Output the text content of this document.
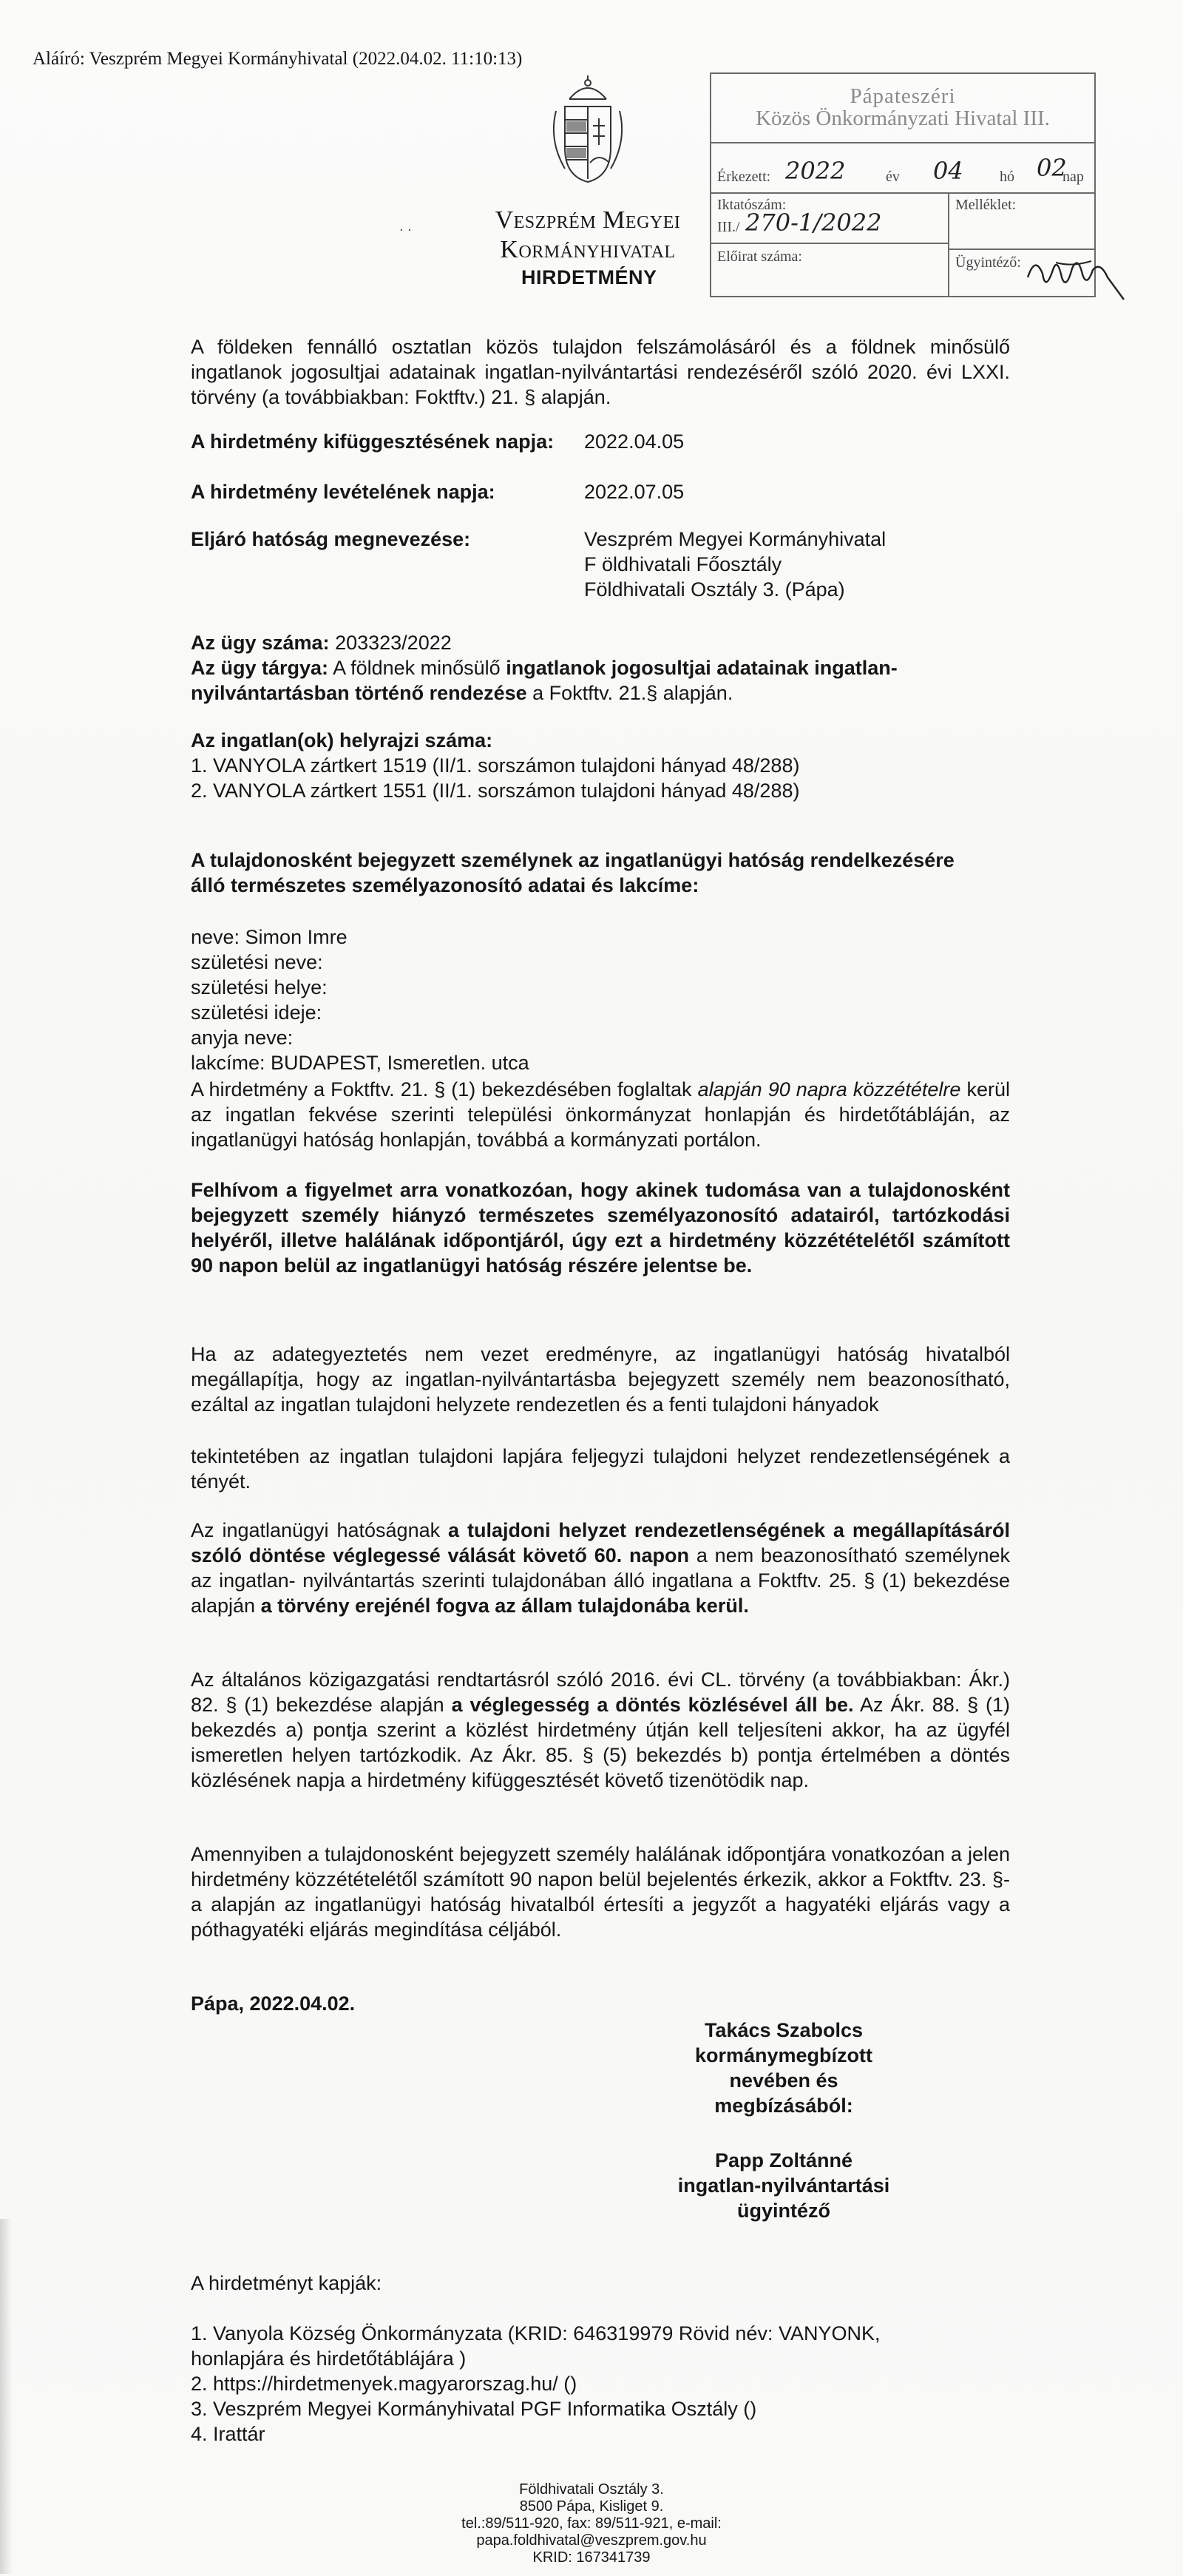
Aláíró: Veszprém Megyei Kormányhivatal (2022.04.02. 11:10:13)
. .	Veszprém Megyei
Kormányhivatal
HIRDETMÉNY
Pápateszéri
Közös Önkormányzati Hivatal III.
Érkezett: 2022	év 04 hó 02
nap
Iktatószám:
III./ 270-1/2022
Melléklet:
Előirat száma:	Ügyintéző:
A földeken fennálló osztatlan közös tulajdon felszámolásáról és a földnek minősülő ingatlanok jogosultjai adatainak ingatlan-nyilvántartási rendezéséről szóló 2020. évi LXXI. törvény (a továbbiakban: Foktftv.) 21. § alapján.
A hirdetmény kifüggesztésének napja: 2022.04.05
A hirdetmény levételének napja:	2022.07.05
Eljáró hatóság megnevezése:	Veszprém Megyei Kormányhivatal
F öldhivatali Főosztály
Földhivatali Osztály 3. (Pápa)
Az ügy száma: 203323/2022
Az ügy tárgya: A földnek minősülő ingatlanok jogosultjai adatainak ingatlan-
nyilvántartásban történő rendezése a Foktftv. 21.§ alapján.
Az ingatlan(ok) helyrajzi száma:
1. VANYOLA zártkert 1519 (II/1. sorszámon tulajdoni hányad 48/288)
2. VANYOLA zártkert 1551 (II/1. sorszámon tulajdoni hányad 48/288)
A tulajdonosként bejegyzett személynek az ingatlanügyi hatóság rendelkezésére
álló természetes személyazonosító adatai és lakcíme:
neve: Simon Imre
születési neve:
születési helye:
születési ideje:
anyja neve:
lakcíme: BUDAPEST, Ismeretlen. utca
A hirdetmény a Foktftv. 21. § (1) bekezdésében foglaltak alapján 90 napra közzétételre kerül az ingatlan fekvése szerinti települési önkormányzat honlapján és hirdetőtábláján, az ingatlanügyi hatóság honlapján, továbbá a kormányzati portálon.
Felhívom a figyelmet arra vonatkozóan, hogy akinek tudomása van a tulajdonosként bejegyzett személy hiányzó természetes személyazonosító adatairól, tartózkodási helyéről, illetve halálának időpontjáról, úgy ezt a hirdetmény közzétételétől számított 90 napon belül az ingatlanügyi hatóság részére jelentse be.
Ha az adategyeztetés nem vezet eredményre, az ingatlanügyi hatóság hivatalból megállapítja, hogy az ingatlan-nyilvántartásba bejegyzett személy nem beazonosítható, ezáltal az ingatlan tulajdoni helyzete rendezetlen és a fenti tulajdoni hányadok
tekintetében az ingatlan tulajdoni lapjára feljegyzi tulajdoni helyzet rendezetlenségének a tényét.
Az ingatlanügyi hatóságnak a tulajdoni helyzet rendezetlenségének a megállapításáról szóló döntése véglegessé válását követő 60. napon a nem beazonosítható személynek az ingatlan- nyilvántartás szerinti tulajdonában álló ingatlana a Foktftv. 25. § (1) bekezdése alapján a törvény erejénél fogva az állam tulajdonába kerül.
Az általános közigazgatási rendtartásról szóló 2016. évi CL. törvény (a továbbiakban: Ákr.) 82. § (1) bekezdése alapján a véglegesség a döntés közlésével áll be. Az Ákr. 88. § (1) bekezdés a) pontja szerint a közlést hirdetmény útján kell teljesíteni akkor, ha az ügyfél ismeretlen helyen tartózkodik. Az Ákr. 85. § (5) bekezdés b) pontja értelmében a döntés közlésének napja a hirdetmény kifüggesztését követő tizenötödik nap.
Amennyiben a tulajdonosként bejegyzett személy halálának időpontjára vonatkozóan a jelen hirdetmény közzétételétől számított 90 napon belül bejelentés érkezik, akkor a Foktftv. 23. §-a alapján az ingatlanügyi hatóság hivatalból értesíti a jegyzőt a hagyatéki eljárás vagy a póthagyatéki eljárás megindítása céljából.
Pápa, 2022.04.02.
Takács Szabolcs
kormánymegbízott
nevében és
megbízásából:
Papp Zoltánné
ingatlan-nyilvántartási
ügyintéző
A hirdetményt kapják:
1. Vanyola Község Önkormányzata (KRID: 646319979 Rövid név: VANYONK,
honlapjára és hirdetőtáblájára )
2. https://hirdetmenyek.magyarorszag.hu/ ()
3. Veszprém Megyei Kormányhivatal PGF Informatika Osztály ()
4. Irattár
Földhivatali Osztály 3.
8500 Pápa, Kisliget 9.
tel.:89/511-920, fax: 89/511-921, e-mail: papa.foldhivatal@veszprem.gov.hu
KRID: 167341739
